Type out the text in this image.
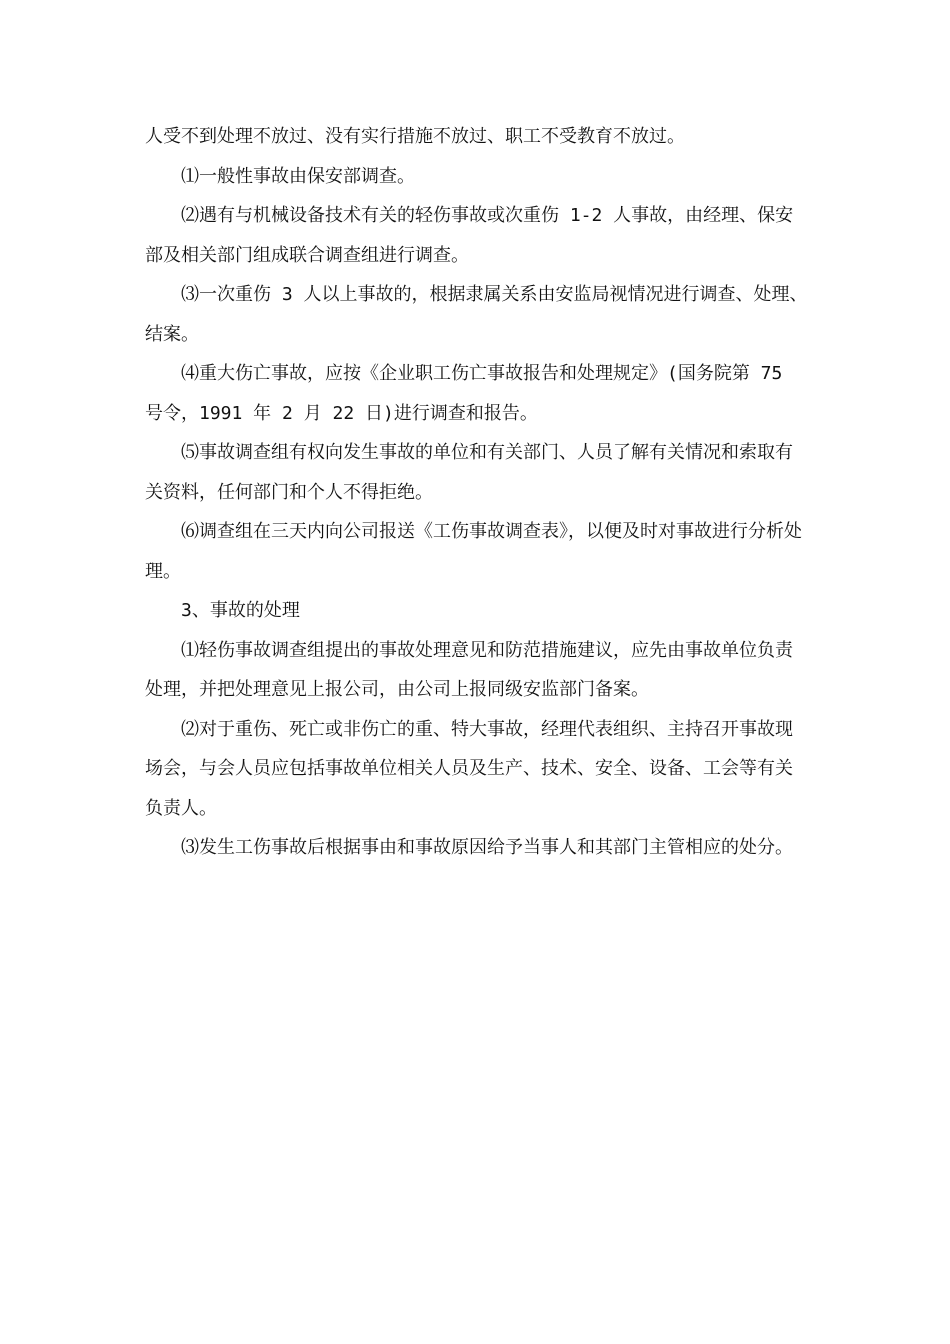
人受不到处理不放过、没有实行措施不放过、职工不受教育不放过。

⑴一般性事故由保安部调查。

⑵遇有与机械设备技术有关的轻伤事故或次重伤 1-2 人事故，由经理、保安部及相关部门组成联合调查组进行调查。

⑶一次重伤 3 人以上事故的，根据隶属关系由安监局视情况进行调查、处理、结案。

⑷重大伤亡事故，应按《企业职工伤亡事故报告和处理规定》(国务院第 75 号令，1991 年 2 月 22 日)进行调查和报告。

⑸事故调查组有权向发生事故的单位和有关部门、人员了解有关情况和索取有关资料，任何部门和个人不得拒绝。

⑹调查组在三天内向公司报送《工伤事故调查表》，以便及时对事故进行分析处理。

3、事故的处理

⑴轻伤事故调查组提出的事故处理意见和防范措施建议，应先由事故单位负责处理，并把处理意见上报公司，由公司上报同级安监部门备案。

⑵对于重伤、死亡或非伤亡的重、特大事故，经理代表组织、主持召开事故现场会，与会人员应包括事故单位相关人员及生产、技术、安全、设备、工会等有关负责人。

⑶发生工伤事故后根据事由和事故原因给予当事人和其部门主管相应的处分。
